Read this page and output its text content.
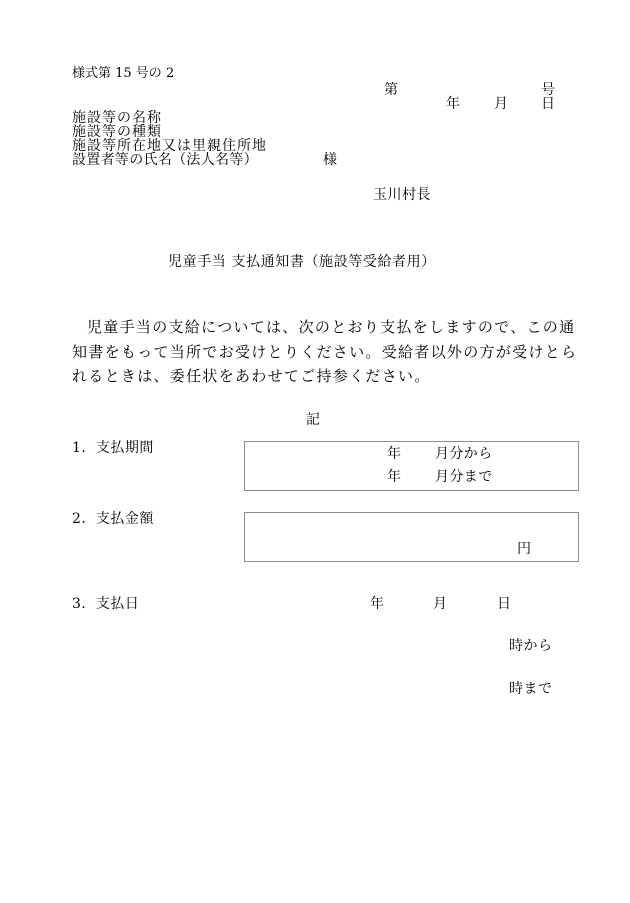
様式第 15 号の 2
第	号
年 月 日
施設等の名称
施設等の種類
施設等所在地又は里親住所地
設置者等の氏名（法人名等）	様
玉川村長
児童手当 支払通知書（施設等受給者用）
児童手当の支給については、次のとおり支払をしますので、この通
知書をもって当所でお受けとりください。受給者以外の方が受けとら
れるときは、委任状をあわせてご持参ください。
記
1．支払期間	年 月分から
年 月分まで
2．支払金額
円
3．支払日	年	月	日
時から
時まで
